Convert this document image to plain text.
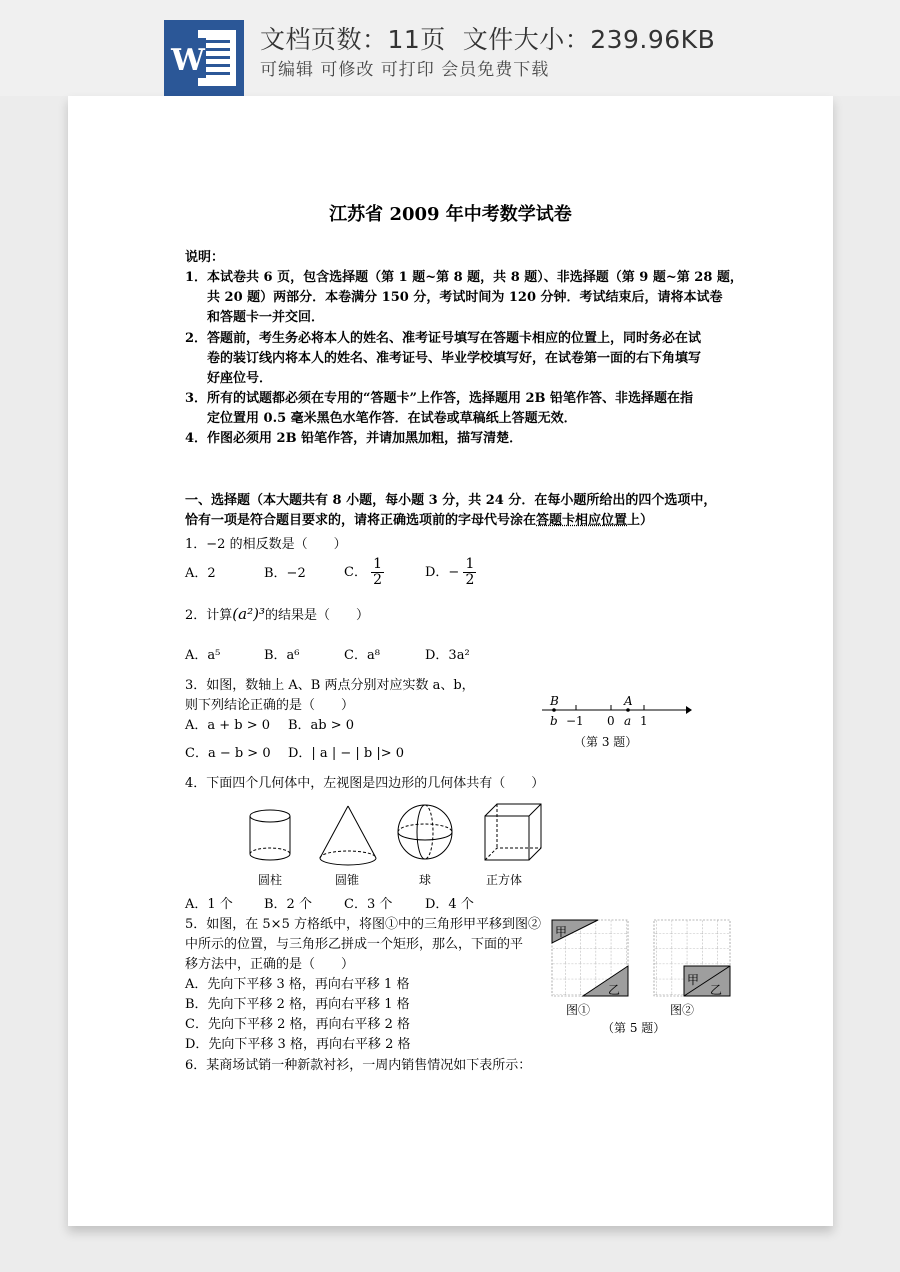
W
文档页数：11页  文件大小：239.96KB
可编辑 可修改 可打印 会员免费下载
江苏省 2009 年中考数学试卷
说明：
1． 本试卷共 6 页，包含选择题（第 1 题~第 8 题，共 8 题）、非选择题（第 9 题~第 28 题，
共 20 题）两部分．本卷满分 150 分，考试时间为 120 分钟．考试结束后，请将本试卷
和答题卡一并交回．
2． 答题前，考生务必将本人的姓名、准考证号填写在答题卡相应的位置上，同时务必在试
卷的装订线内将本人的姓名、准考证号、毕业学校填写好，在试卷第一面的右下角填写
好座位号．
3． 所有的试题都必须在专用的“答题卡”上作答，选择题用 2B 铅笔作答、非选择题在指
定位置用 0.5 毫米黑色水笔作答．在试卷或草稿纸上答题无效．
4． 作图必须用 2B 铅笔作答，并请加黑加粗，描写清楚．
一、选择题（本大题共有 8 小题，每小题 3 分，共 24 分．在每小题所给出的四个选项中，
恰有一项是符合题目要求的，请将正确选项前的字母代号涂在答题卡相应位置上）
1．−2 的相反数是（　　）
A．2	B．−2	C． $\frac{1}{2}$	D．− $\frac{1}{2}$
2．计算(a²)³的结果是（　　）
A．a⁵	B．a⁶	C．a⁸	D．3a²
3．如图，数轴上 A、B 两点分别对应实数 a、b，
则下列结论正确的是（　　）
A．a + b > 0 B．ab > 0
C．a − b > 0 D．| a | − | b |> 0
B	A
b −1 0 a 1
（第 3 题）
4．下面四个几何体中，左视图是四边形的几何体共有（　　）
圆柱	圆锥	球	正方体
A．1 个 B．2 个 C．3 个	D．4 个
5．如图，在 5×5 方格纸中，将图①中的三角形甲平移到图②
中所示的位置，与三角形乙拼成一个矩形，那么，下面的平
移方法中，正确的是（　　）
A．先向下平移 3 格，再向右平移 1 格
B．先向下平移 2 格，再向右平移 1 格
C．先向下平移 2 格，再向右平移 2 格
D．先向下平移 3 格，再向右平移 2 格
甲
乙
甲
乙
图①	图②
（第 5 题）
6．某商场试销一种新款衬衫，一周内销售情况如下表所示：
